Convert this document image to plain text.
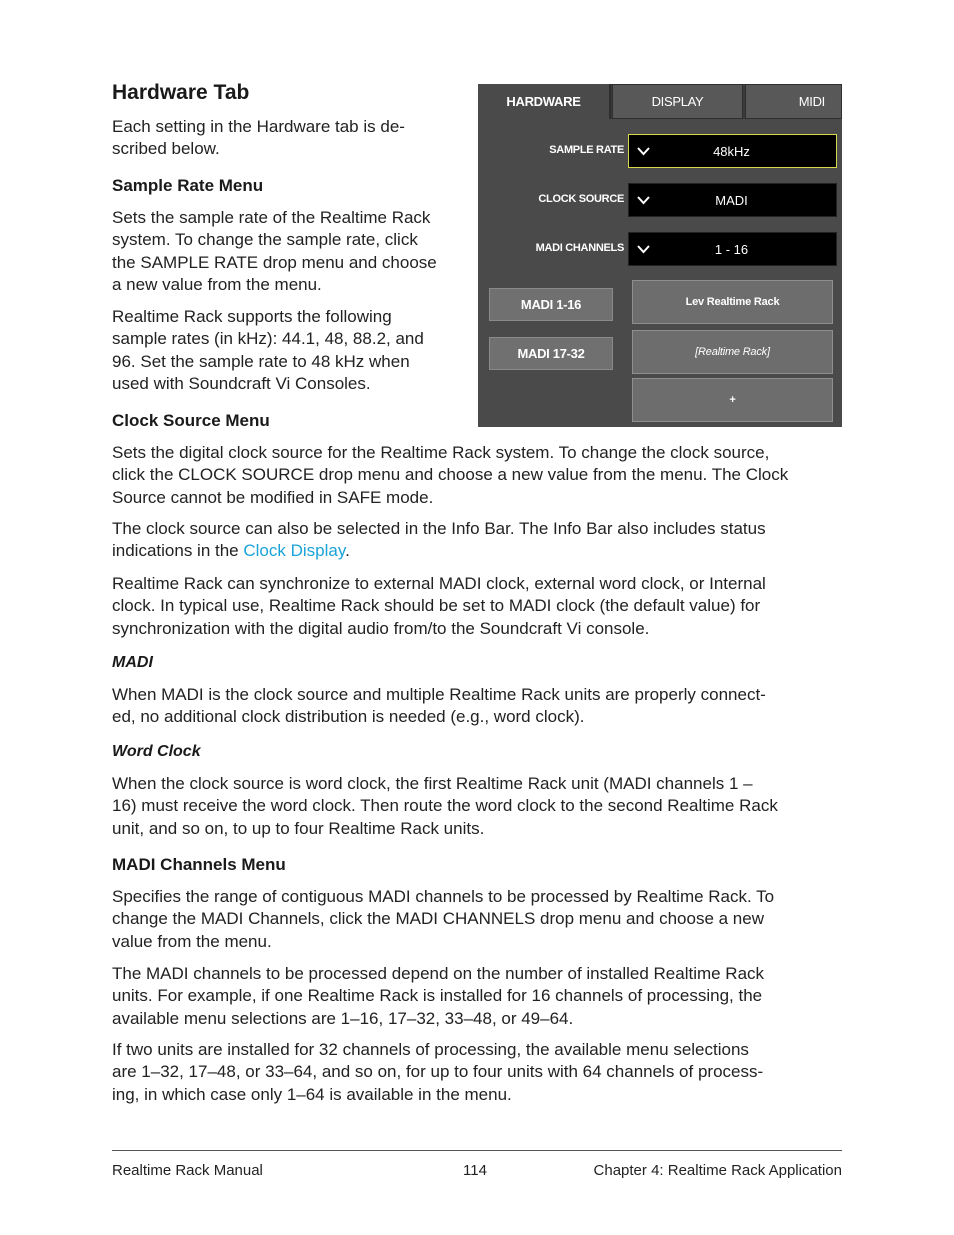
Hardware Tab

Each setting in the Hardware tab is de-

scribed below.

Sample Rate Menu

Sets the sample rate of the Realtime Rack

system. To change the sample rate, click

the SAMPLE RATE drop menu and choose

a new value from the menu.

Realtime Rack supports the following

sample rates (in kHz): 44.1, 48, 88.2, and

96. Set the sample rate to 48 kHz when

used with Soundcraft Vi Consoles.

HARDWARE	DISPLAY	MIDI
SAMPLE RATE	48kHz
CLOCK SOURCE	MADI
MADI CHANNELS	1 - 16
MADI 1-16
MADI 17-32
Lev Realtime Rack
[Realtime Rack]
+
Clock Source Menu

Sets the digital clock source for the Realtime Rack system. To change the clock source,

click the CLOCK SOURCE drop menu and choose a new value from the menu. The Clock

Source cannot be modified in SAFE mode.

The clock source can also be selected in the Info Bar. The Info Bar also includes status

indications in the Clock Display.

Realtime Rack can synchronize to external MADI clock, external word clock, or Internal

clock. In typical use, Realtime Rack should be set to MADI clock (the default value) for

synchronization with the digital audio from/to the Soundcraft Vi console.

MADI

When MADI is the clock source and multiple Realtime Rack units are properly connect-

ed, no additional clock distribution is needed (e.g., word clock).

Word Clock

When the clock source is word clock, the first Realtime Rack unit (MADI channels 1 –

16) must receive the word clock. Then route the word clock to the second Realtime Rack

unit, and so on, to up to four Realtime Rack units.

MADI Channels Menu

Specifies the range of contiguous MADI channels to be processed by Realtime Rack. To

change the MADI Channels, click the MADI CHANNELS drop menu and choose a new

value from the menu.

The MADI channels to be processed depend on the number of installed Realtime Rack

units. For example, if one Realtime Rack is installed for 16 channels of processing, the

available menu selections are 1–16, 17–32, 33–48, or 49–64.

If two units are installed for 32 channels of processing, the available menu selections

are 1–32, 17–48, or 33–64, and so on, for up to four units with 64 channels of process-

ing, in which case only 1–64 is available in the menu.

Realtime Rack Manual	114	Chapter 4: Realtime Rack Application
